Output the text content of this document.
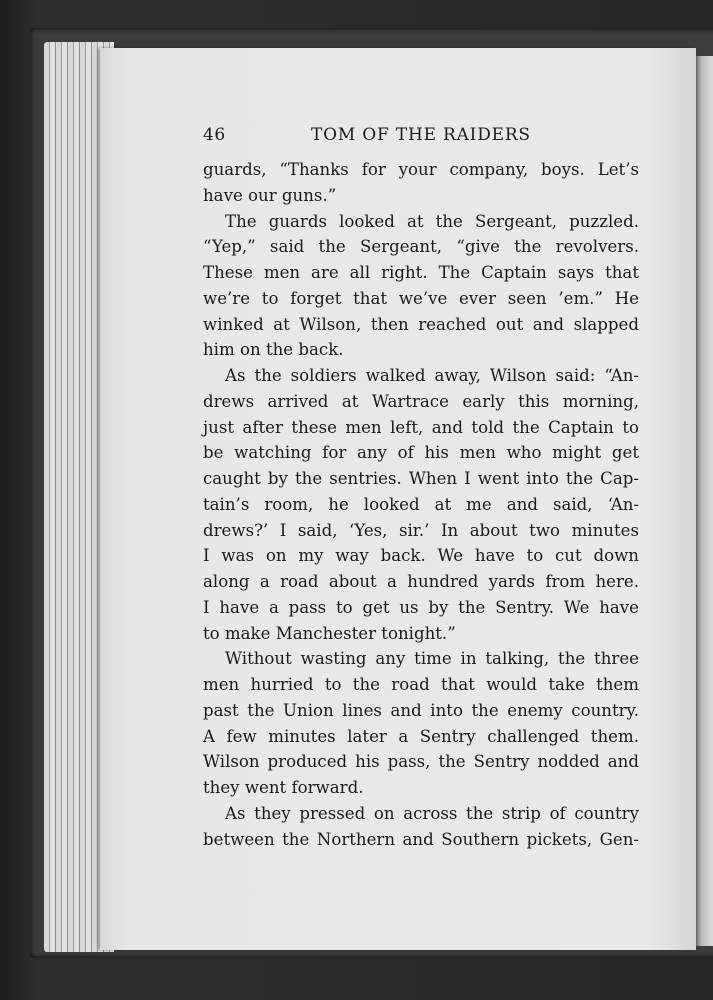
46	TOM OF THE RAIDERS
guards, “Thanks for your company, boys. Let’s
have our guns.”
The guards looked at the Sergeant, puzzled.
“Yep,” said the Sergeant, “give the revolvers.
These men are all right. The Captain says that
we’re to forget that we’ve ever seen ’em.” He
winked at Wilson, then reached out and slapped
him on the back.
As the soldiers walked away, Wilson said: “An-
drews arrived at Wartrace early this morning,
just after these men left, and told the Captain to
be watching for any of his men who might get
caught by the sentries. When I went into the Cap-
tain’s room, he looked at me and said, ‘An-
drews?’ I said, ‘Yes, sir.’ In about two minutes
I was on my way back. We have to cut down
along a road about a hundred yards from here.
I have a pass to get us by the Sentry. We have
to make Manchester tonight.”
Without wasting any time in talking, the three
men hurried to the road that would take them
past the Union lines and into the enemy country.
A few minutes later a Sentry challenged them.
Wilson produced his pass, the Sentry nodded and
they went forward.
As they pressed on across the strip of country
between the Northern and Southern pickets, Gen-
